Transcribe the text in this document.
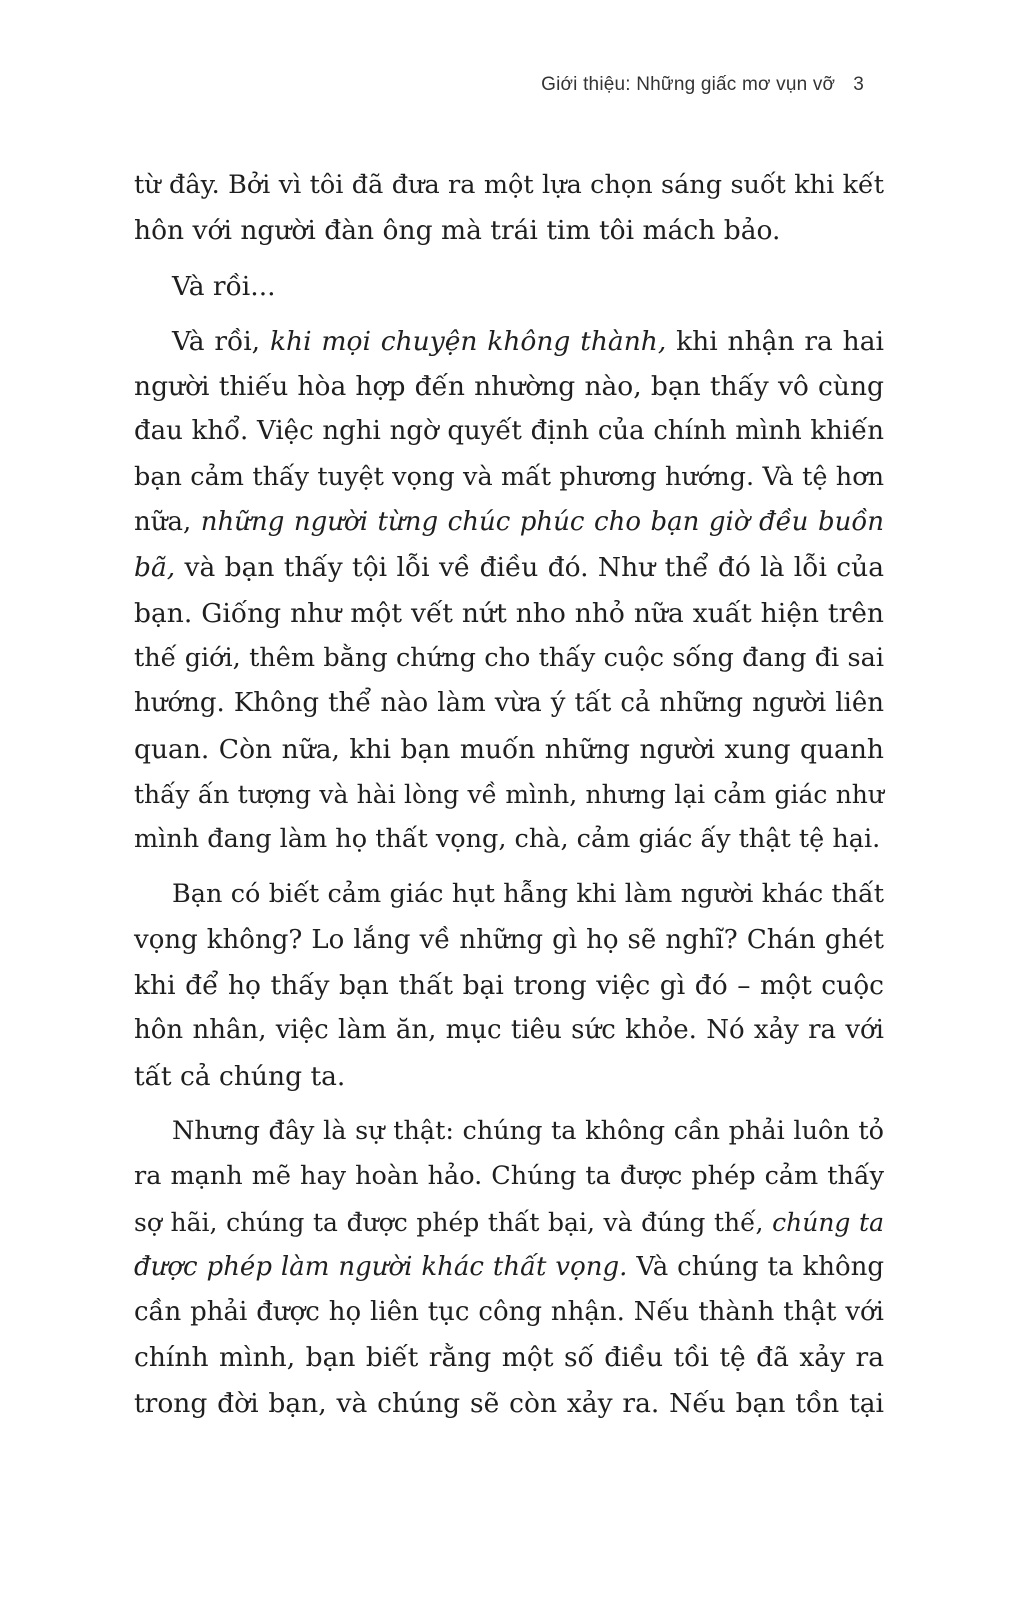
Giới thiệu: Những giấc mơ vụn vỡ 3
từ đây. Bởi vì tôi đã đưa ra một lựa chọn sáng suốt khi kết
hôn với người đàn ông mà trái tim tôi mách bảo.
Và rồi...
Và rồi, khi mọi chuyện không thành, khi nhận ra hai
người thiếu hòa hợp đến nhường nào, bạn thấy vô cùng
đau khổ. Việc nghi ngờ quyết định của chính mình khiến
bạn cảm thấy tuyệt vọng và mất phương hướng. Và tệ hơn
nữa, những người từng chúc phúc cho bạn giờ đều buồn
bã, và bạn thấy tội lỗi về điều đó. Như thể đó là lỗi của
bạn. Giống như một vết nứt nho nhỏ nữa xuất hiện trên
thế giới, thêm bằng chứng cho thấy cuộc sống đang đi sai
hướng. Không thể nào làm vừa ý tất cả những người liên
quan. Còn nữa, khi bạn muốn những người xung quanh
thấy ấn tượng và hài lòng về mình, nhưng lại cảm giác như
mình đang làm họ thất vọng, chà, cảm giác ấy thật tệ hại.
Bạn có biết cảm giác hụt hẫng khi làm người khác thất
vọng không? Lo lắng về những gì họ sẽ nghĩ? Chán ghét
khi để họ thấy bạn thất bại trong việc gì đó – một cuộc
hôn nhân, việc làm ăn, mục tiêu sức khỏe. Nó xảy ra với
tất cả chúng ta.
Nhưng đây là sự thật: chúng ta không cần phải luôn tỏ
ra mạnh mẽ hay hoàn hảo. Chúng ta được phép cảm thấy
sợ hãi, chúng ta được phép thất bại, và đúng thế, chúng ta
được phép làm người khác thất vọng. Và chúng ta không
cần phải được họ liên tục công nhận. Nếu thành thật với
chính mình, bạn biết rằng một số điều tồi tệ đã xảy ra
trong đời bạn, và chúng sẽ còn xảy ra. Nếu bạn tồn tại
